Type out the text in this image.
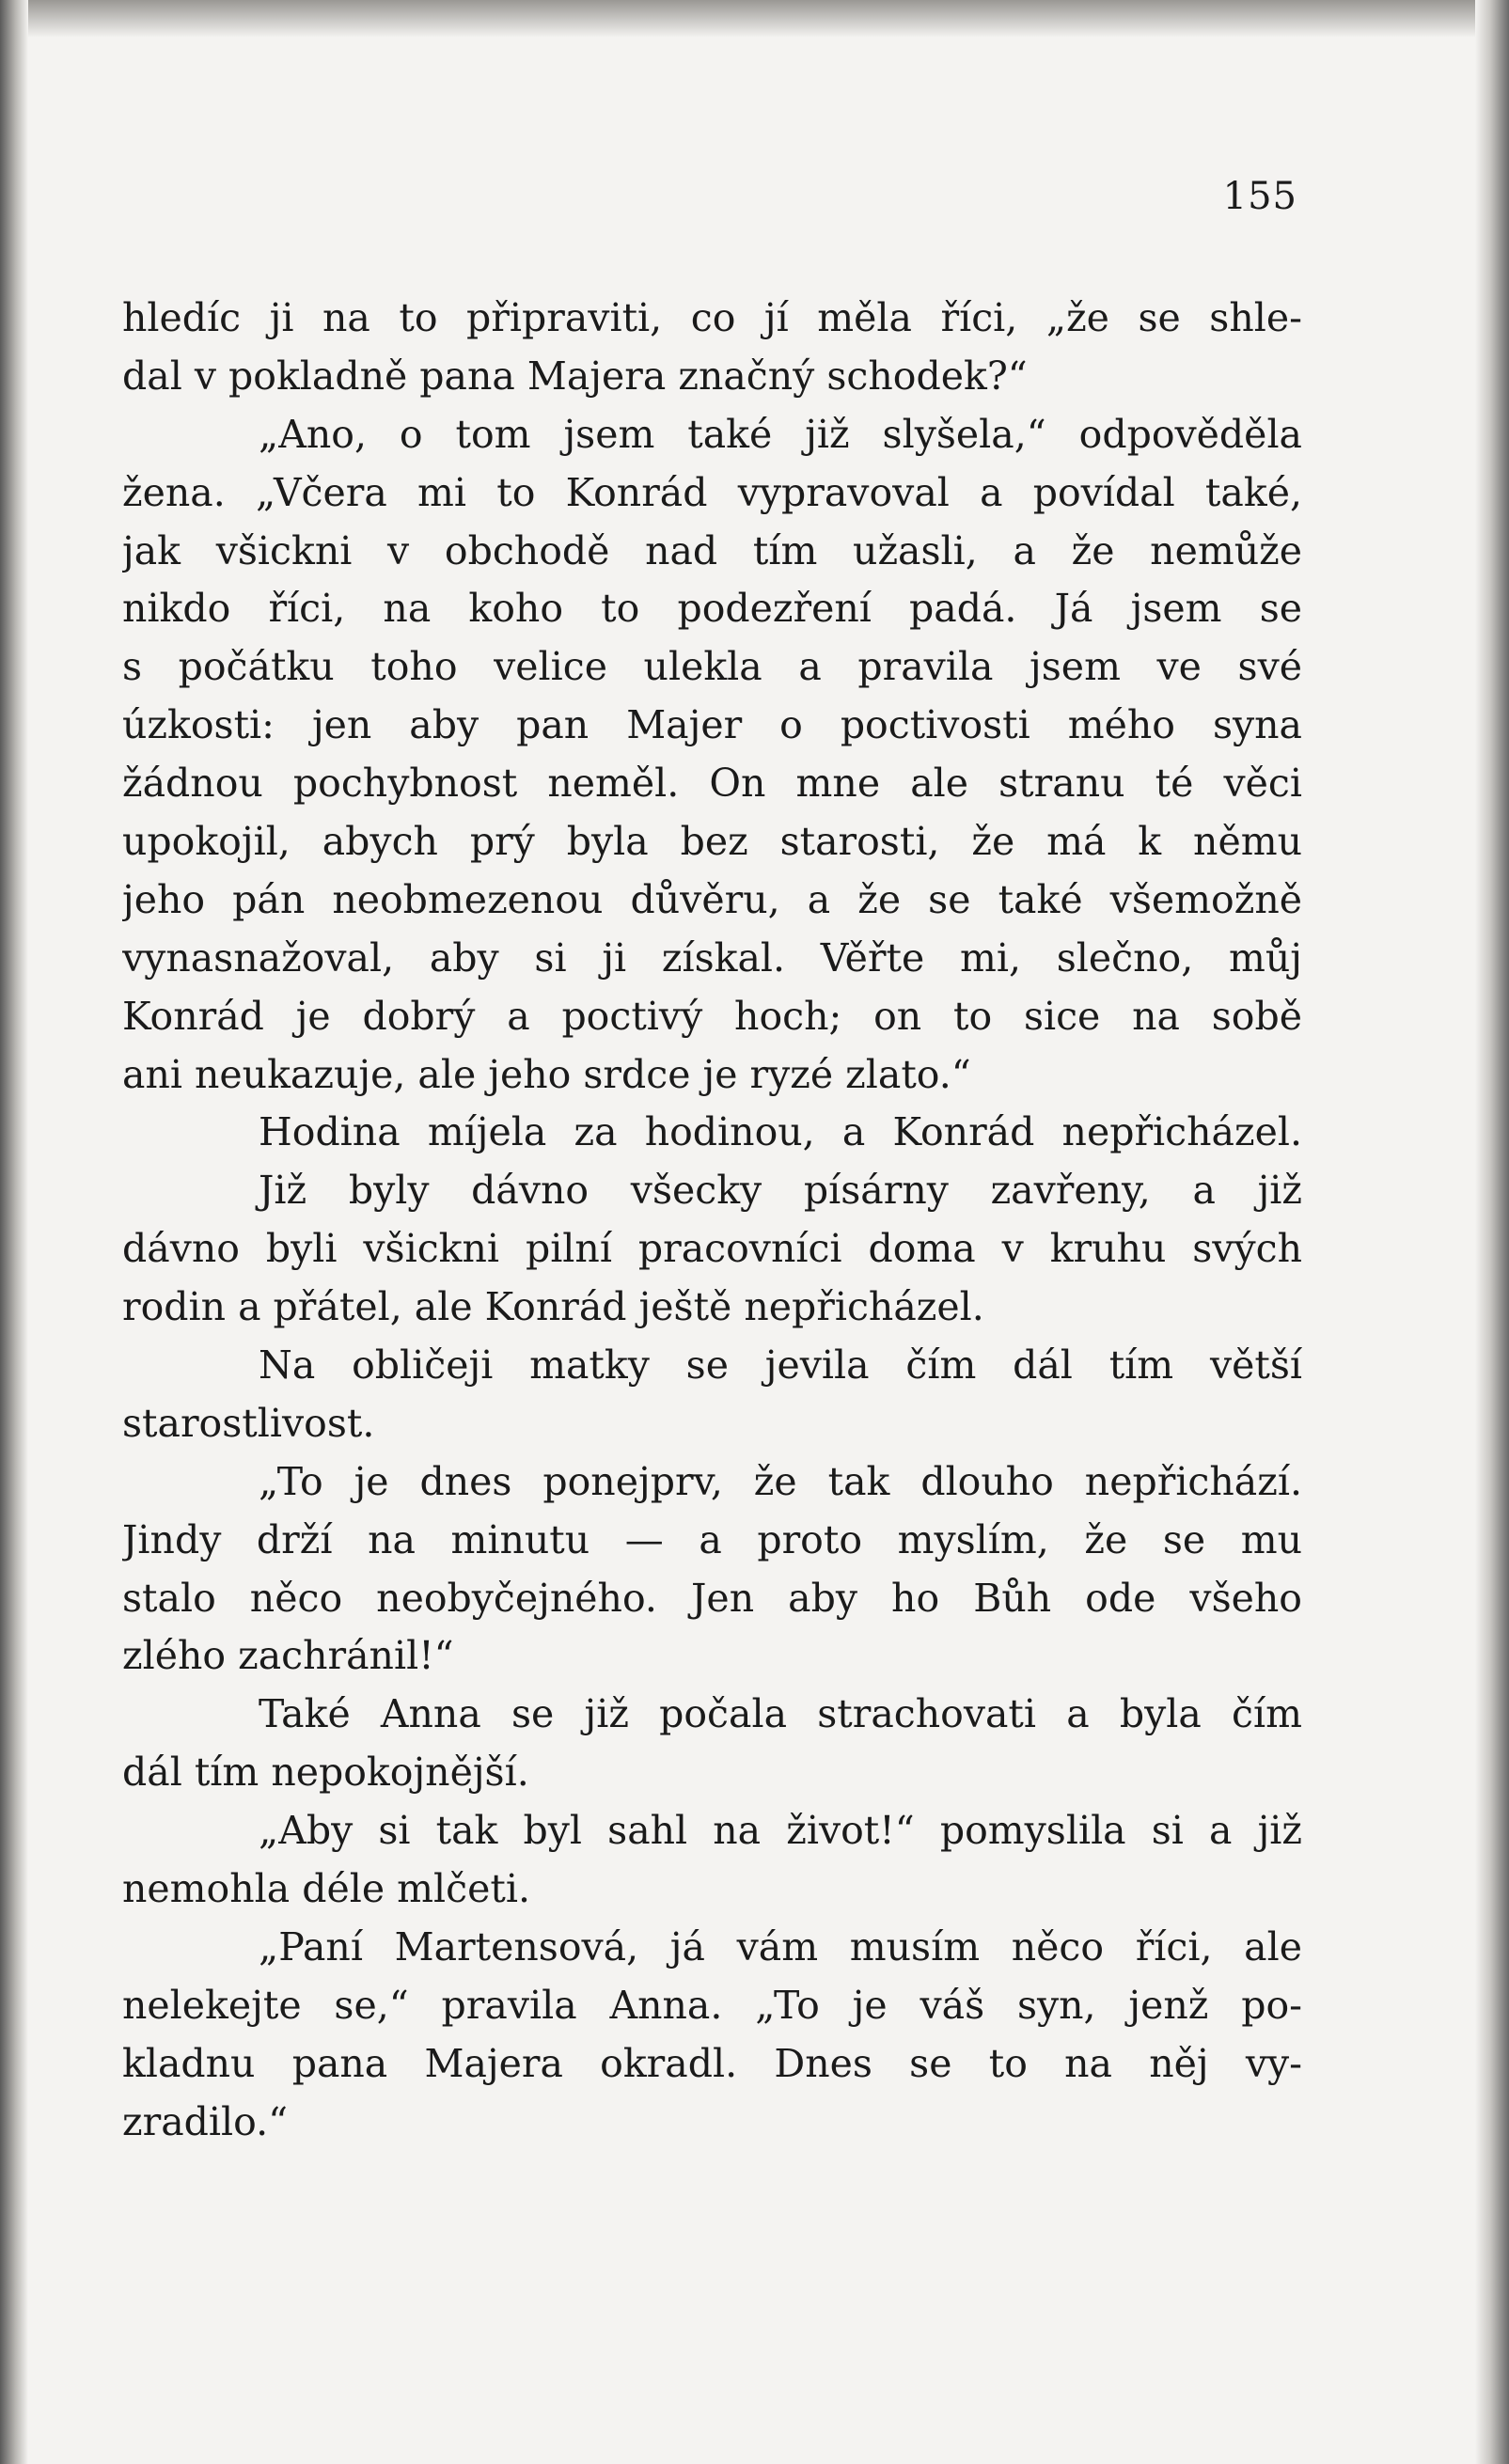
155
hledíc ji na to připraviti, co jí měla říci, „že se shle-
dal v pokladně pana Majera značný schodek?“
„Ano, o tom jsem také již slyšela,“ odpověděla
žena. „Včera mi to Konrád vypravoval a povídal také,
jak všickni v obchodě nad tím užasli, a že nemůže
nikdo říci, na koho to podezření padá. Já jsem se
s počátku toho velice ulekla a pravila jsem ve své
úzkosti: jen aby pan Majer o poctivosti mého syna
žádnou pochybnost neměl. On mne ale stranu té věci
upokojil, abych prý byla bez starosti, že má k němu
jeho pán neobmezenou důvěru, a že se také všemožně
vynasnažoval, aby si ji získal. Věřte mi, slečno, můj
Konrád je dobrý a poctivý hoch; on to sice na sobě
ani neukazuje, ale jeho srdce je ryzé zlato.“
Hodina míjela za hodinou, a Konrád nepřicházel.
Již byly dávno všecky písárny zavřeny, a již
dávno byli všickni pilní pracovníci doma v kruhu svých
rodin a přátel, ale Konrád ještě nepřicházel.
Na obličeji matky se jevila čím dál tím větší
starostlivost.
„To je dnes ponejprv, že tak dlouho nepřichází.
Jindy drží na minutu — a proto myslím, že se mu
stalo něco neobyčejného. Jen aby ho Bůh ode všeho
zlého zachránil!“
Také Anna se již počala strachovati a byla čím
dál tím nepokojnější.
„Aby si tak byl sahl na život!“ pomyslila si a již
nemohla déle mlčeti.
„Paní Martensová, já vám musím něco říci, ale
nelekejte se,“ pravila Anna. „To je váš syn, jenž po-
kladnu pana Majera okradl. Dnes se to na něj vy-
zradilo.“
